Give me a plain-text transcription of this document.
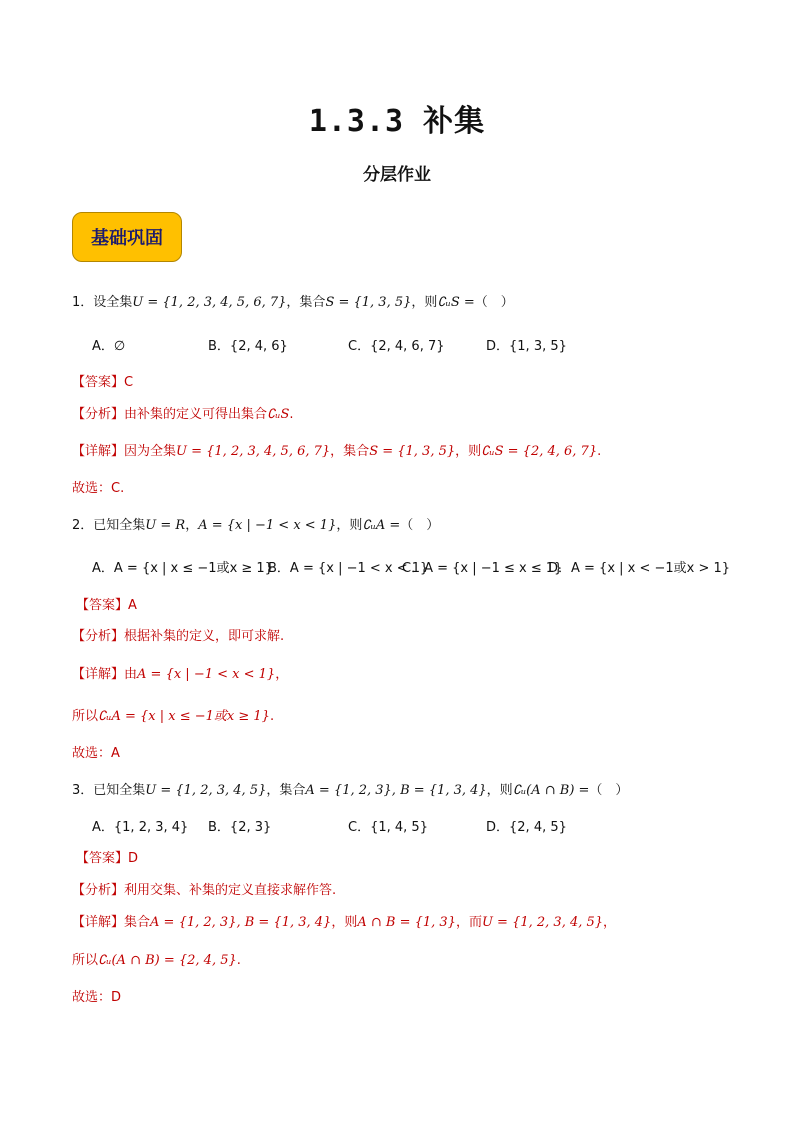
1.3.3 补集
分层作业
基础巩固
1．设全集U = {1, 2, 3, 4, 5, 6, 7}，集合S = {1, 3, 5}，则∁ᵤS =（　）
A．∅	B．{2, 4, 6}	C．{2, 4, 6, 7}	D．{1, 3, 5}
【答案】C
【分析】由补集的定义可得出集合∁ᵤS.
【详解】因为全集U = {1, 2, 3, 4, 5, 6, 7}，集合S = {1, 3, 5}，则∁ᵤS = {2, 4, 6, 7}.
故选：C.
2．已知全集U = R，A = {x | −1 < x < 1}，则∁ᵤA =（　）
A．A = {x | x ≤ −1或x ≥ 1}
B．A = {x | −1 < x < 1}
C．A = {x | −1 ≤ x ≤ 1}
D．A = {x | x < −1或x > 1}
【答案】A
【分析】根据补集的定义，即可求解.
【详解】由A = {x | −1 < x < 1}，
所以∁ᵤA = {x | x ≤ −1或x ≥ 1}.
故选：A
3．已知全集U = {1, 2, 3, 4, 5}，集合A = {1, 2, 3}, B = {1, 3, 4}，则∁ᵤ(A ∩ B) =（　）
A．{1, 2, 3, 4} B．{2, 3}	C．{1, 4, 5}	D．{2, 4, 5}
【答案】D
【分析】利用交集、补集的定义直接求解作答.
【详解】集合A = {1, 2, 3}, B = {1, 3, 4}，则A ∩ B = {1, 3}，而U = {1, 2, 3, 4, 5}，
所以∁ᵤ(A ∩ B) = {2, 4, 5}.
故选：D
